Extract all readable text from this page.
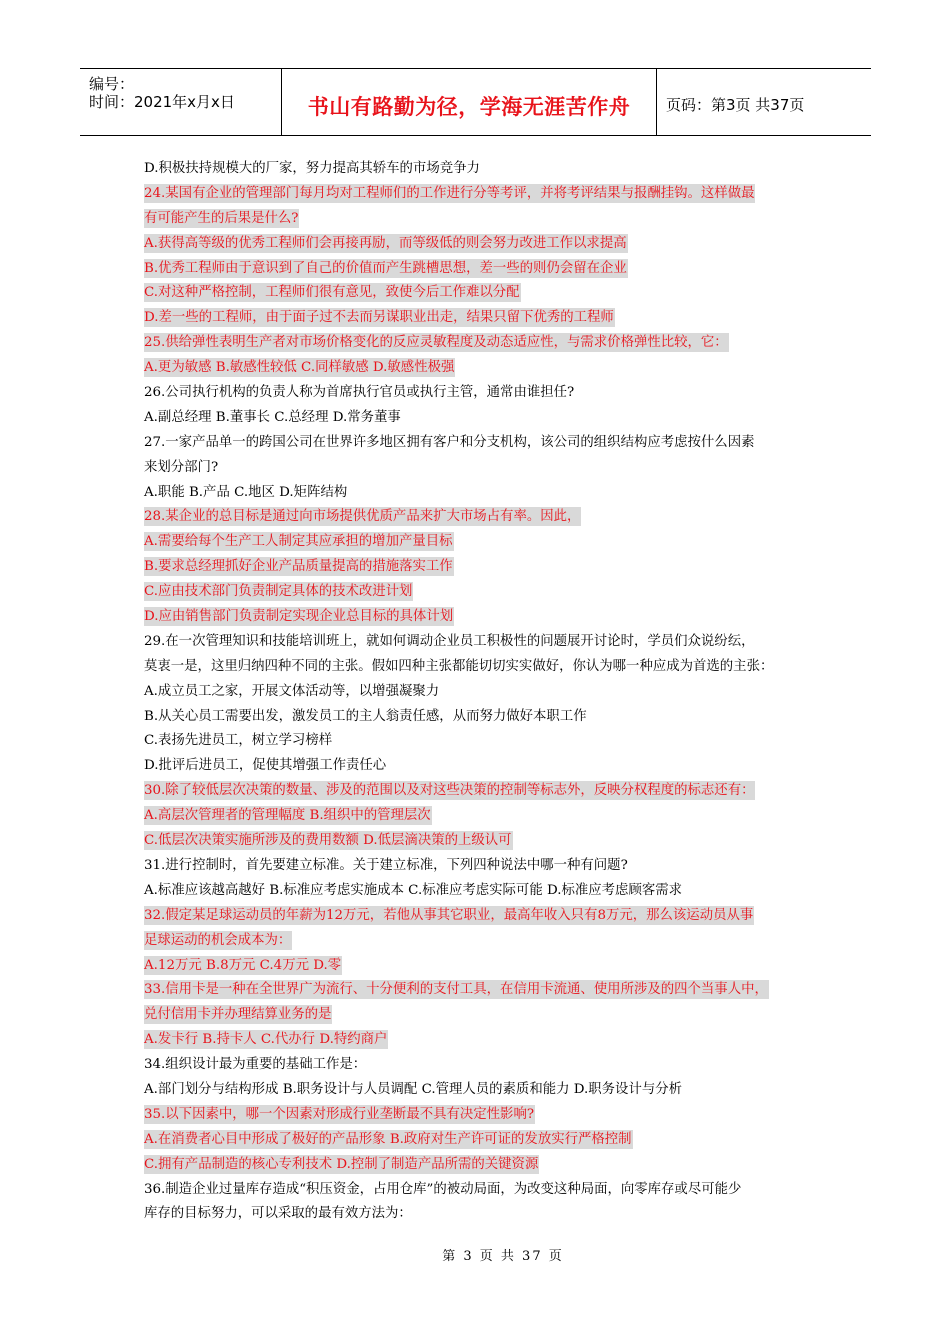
编号：
时间：2021年x月x日	书山有路勤为径，学海无涯苦作舟	页码：第3页 共37页
D.积极扶持规模大的厂家，努力提高其轿车的市场竞争力
24.某国有企业的管理部门每月均对工程师们的工作进行分等考评，并将考评结果与报酬挂钩。这样做最
有可能产生的后果是什么?
A.获得高等级的优秀工程师们会再接再励，而等级低的则会努力改进工作以求提高
B.优秀工程师由于意识到了自己的价值而产生跳槽思想，差一些的则仍会留在企业
C.对这种严格控制，工程师们很有意见，致使今后工作难以分配
D.差一些的工程师，由于面子过不去而另谋职业出走，结果只留下优秀的工程师
25.供给弹性表明生产者对市场价格变化的反应灵敏程度及动态适应性，与需求价格弹性比较，它：
A.更为敏感 B.敏感性较低 C.同样敏感 D.敏感性极强
26.公司执行机构的负责人称为首席执行官员或执行主管，通常由谁担任?
A.副总经理 B.董事长 C.总经理 D.常务董事
27.一家产品单一的跨国公司在世界许多地区拥有客户和分支机构，该公司的组织结构应考虑按什么因素
来划分部门?
A.职能 B.产品 C.地区 D.矩阵结构
28.某企业的总目标是通过向市场提供优质产品来扩大市场占有率。因此，
A.需要给每个生产工人制定其应承担的增加产量目标
B.要求总经理抓好企业产品质量提高的措施落实工作
C.应由技术部门负责制定具体的技术改进计划
D.应由销售部门负责制定实现企业总目标的具体计划
29.在一次管理知识和技能培训班上，就如何调动企业员工积极性的问题展开讨论时，学员们众说纷纭，
莫衷一是，这里归纳四种不同的主张。假如四种主张都能切切实实做好，你认为哪一种应成为首选的主张：
A.成立员工之家，开展文体活动等，以增强凝聚力
B.从关心员工需要出发，激发员工的主人翁责任感，从而努力做好本职工作
C.表扬先进员工，树立学习榜样
D.批评后进员工，促使其增强工作责任心
30.除了较低层次决策的数量、涉及的范围以及对这些决策的控制等标志外，反映分权程度的标志还有：
A.高层次管理者的管理幅度 B.组织中的管理层次
C.低层次决策实施所涉及的费用数额 D.低层滴决策的上级认可
31.进行控制时，首先要建立标准。关于建立标准，下列四种说法中哪一种有问题?
A.标准应该越高越好 B.标准应考虑实施成本 C.标准应考虑实际可能 D.标准应考虑顾客需求
32.假定某足球运动员的年薪为12万元，若他从事其它职业，最高年收入只有8万元，那么该运动员从事
足球运动的机会成本为：
A.12万元 B.8万元 C.4万元 D.零
33.信用卡是一种在全世界广为流行、十分便利的支付工具，在信用卡流通、使用所涉及的四个当事人中，
兑付信用卡并办理结算业务的是
A.发卡行 B.持卡人 C.代办行 D.特约商户
34.组织设计最为重要的基础工作是：
A.部门划分与结构形成 B.职务设计与人员调配 C.管理人员的素质和能力 D.职务设计与分析
35.以下因素中，哪一个因素对形成行业垄断最不具有决定性影响?
A.在消费者心目中形成了极好的产品形象 B.政府对生产许可证的发放实行严格控制
C.拥有产品制造的核心专利技术 D.控制了制造产品所需的关键资源
36.制造企业过量库存造成“积压资金，占用仓库”的被动局面，为改变这种局面，向零库存或尽可能少
库存的目标努力，可以采取的最有效方法为：
第 3 页 共 37 页
